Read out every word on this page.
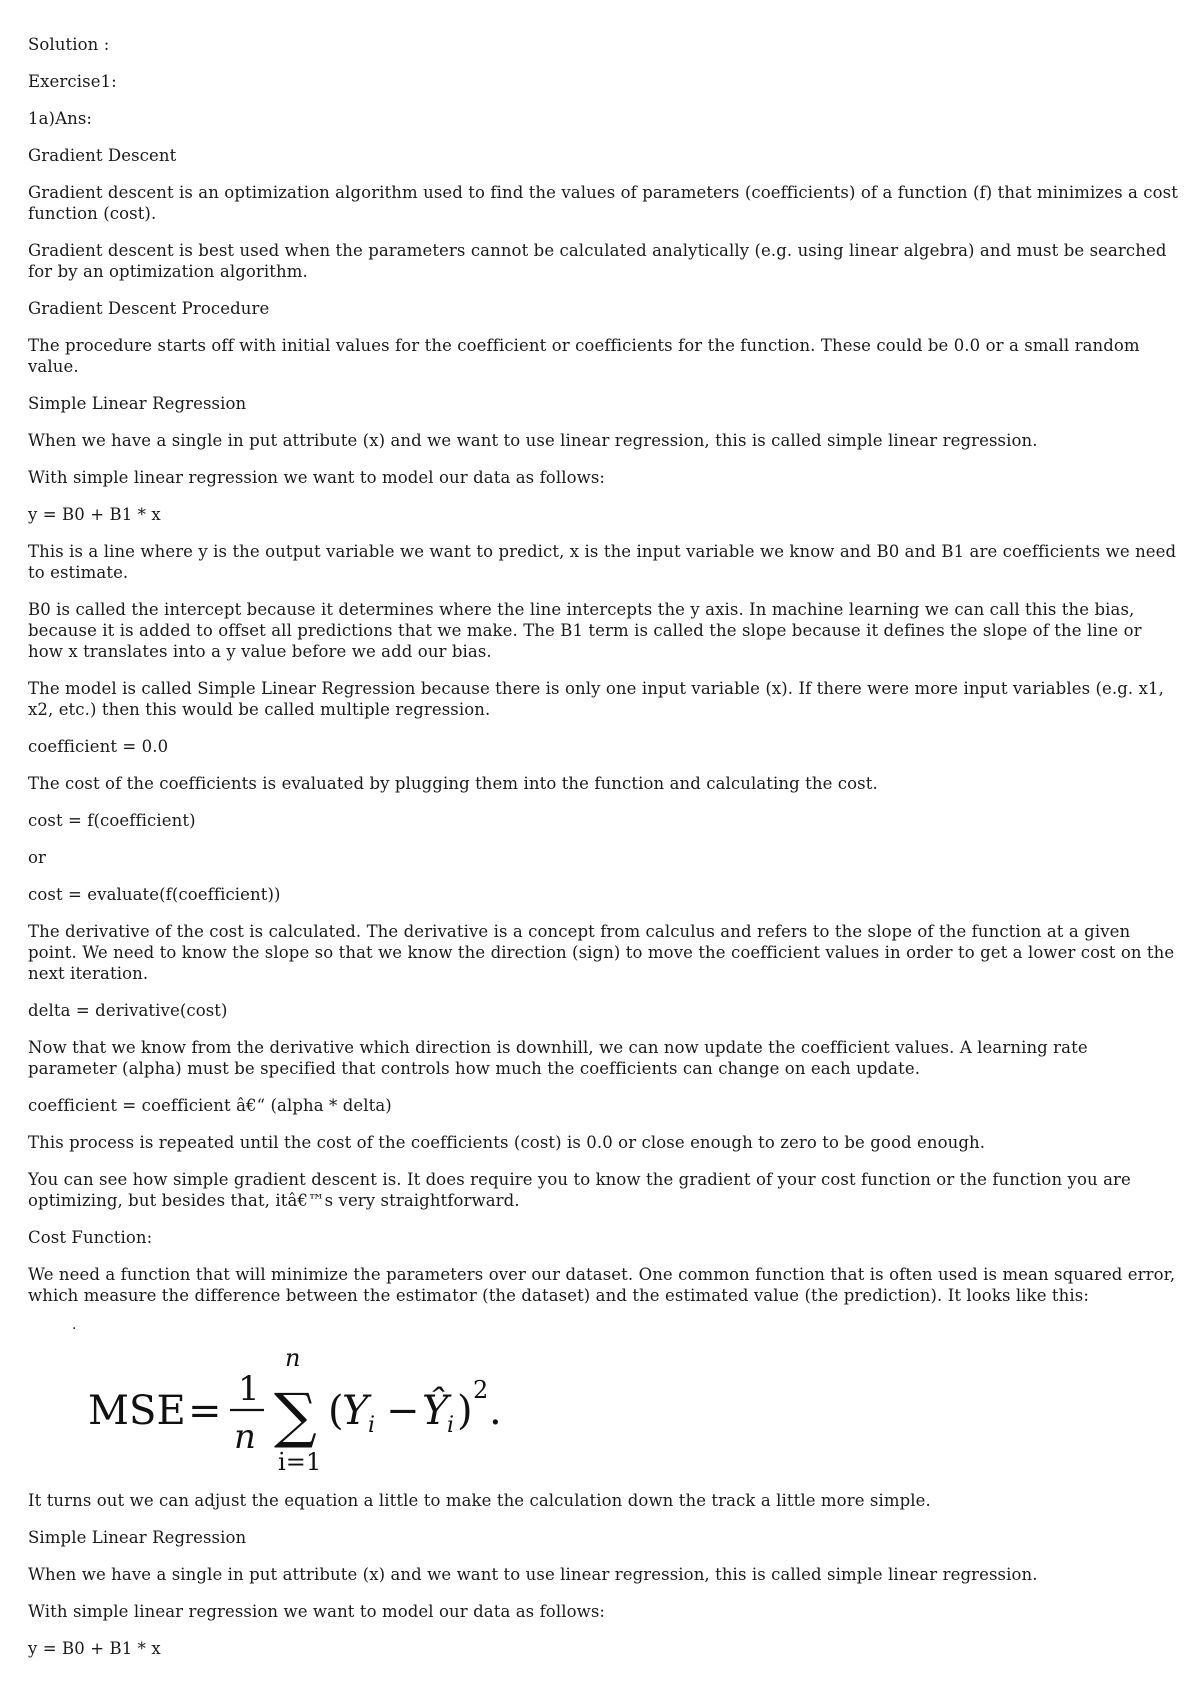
Solution :

Exercise1:

1a)Ans:

Gradient Descent

Gradient descent is an optimization algorithm used to find the values of parameters (coefficients) of a function (f) that minimizes a cost function (cost).

Gradient descent is best used when the parameters cannot be calculated analytically (e.g. using linear algebra) and must be searched for by an optimization algorithm.

Gradient Descent Procedure

The procedure starts off with initial values for the coefficient or coefficients for the function. These could be 0.0 or a small random value.

Simple Linear Regression

When we have a single in put attribute (x) and we want to use linear regression, this is called simple linear regression.

With simple linear regression we want to model our data as follows:

y = B0 + B1 * x

This is a line where y is the output variable we want to predict, x is the input variable we know and B0 and B1 are coefficients we need to estimate.

B0 is called the intercept because it determines where the line intercepts the y axis. In machine learning we can call this the bias, because it is added to offset all predictions that we make. The B1 term is called the slope because it defines the slope of the line or how x translates into a y value before we add our bias.

The model is called Simple Linear Regression because there is only one input variable (x). If there were more input variables (e.g. x1, x2, etc.) then this would be called multiple regression.

coefficient = 0.0

The cost of the coefficients is evaluated by plugging them into the function and calculating the cost.

cost = f(coefficient)

or

cost = evaluate(f(coefficient))

The derivative of the cost is calculated. The derivative is a concept from calculus and refers to the slope of the function at a given point. We need to know the slope so that we know the direction (sign) to move the coefficient values in order to get a lower cost on the next iteration.

delta = derivative(cost)

Now that we know from the derivative which direction is downhill, we can now update the coefficient values. A learning rate parameter (alpha) must be specified that controls how much the coefficients can change on each update.

coefficient = coefficient â€“ (alpha * delta)

This process is repeated until the cost of the coefficients (cost) is 0.0 or close enough to zero to be good enough.

You can see how simple gradient descent is. It does require you to know the gradient of your cost function or the function you are optimizing, but besides that, itâ€™s very straightforward.

Cost Function:

We need a function that will minimize the parameters over our dataset. One common function that is often used is mean squared error, which measure the difference between the estimator (the dataset) and the estimated value (the prediction). It looks like this:

·
MSE = 1
n
n
∑
i=1
(
Y i − Ŷ
i ) 2 .

It turns out we can adjust the equation a little to make the calculation down the track a little more simple.

Simple Linear Regression

When we have a single in put attribute (x) and we want to use linear regression, this is called simple linear regression.

With simple linear regression we want to model our data as follows:

y = B0 + B1 * x
